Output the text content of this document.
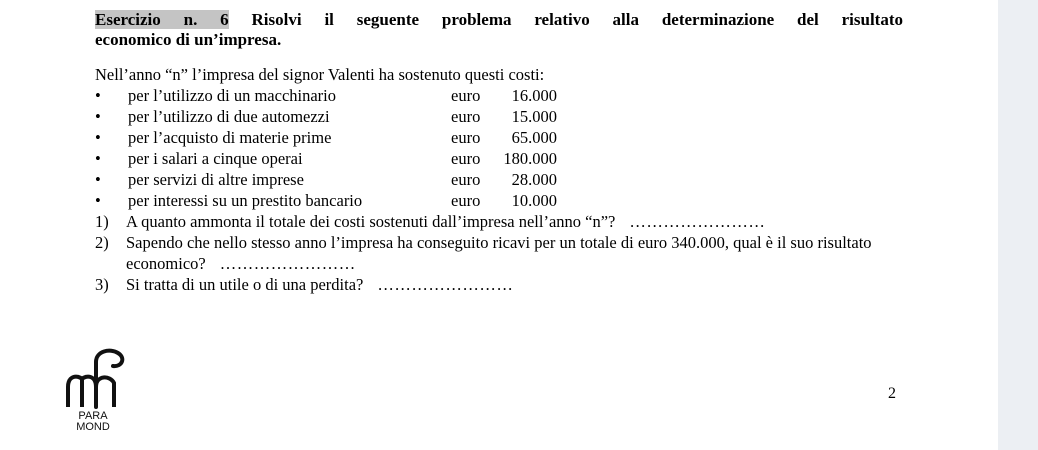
Esercizio n. 6 Risolvi il seguente problema relativo alla determinazione del risultato
economico di un’impresa.
Nell’anno “n” l’impresa del signor Valenti ha sostenuto questi costi:
• per l’utilizzo di un macchinario	euro	16.000
• per l’utilizzo di due automezzi	euro	15.000
• per l’acquisto di materie prime	euro	65.000
• per i salari a cinque operai	euro	180.000
• per servizi di altre imprese	euro	28.000
• per interessi su un prestito bancario	euro	10.000
1) A quanto ammonta il totale dei costi sostenuti dall’impresa nell’anno “n”? ……………………
2) Sapendo che nello stesso anno l’impresa ha conseguito ricavi per un totale di euro 340.000, qual è il suo risultato economico? ……………………
3) Si tratta di un utile o di una perdita? ……………………
PARA
MOND
2
